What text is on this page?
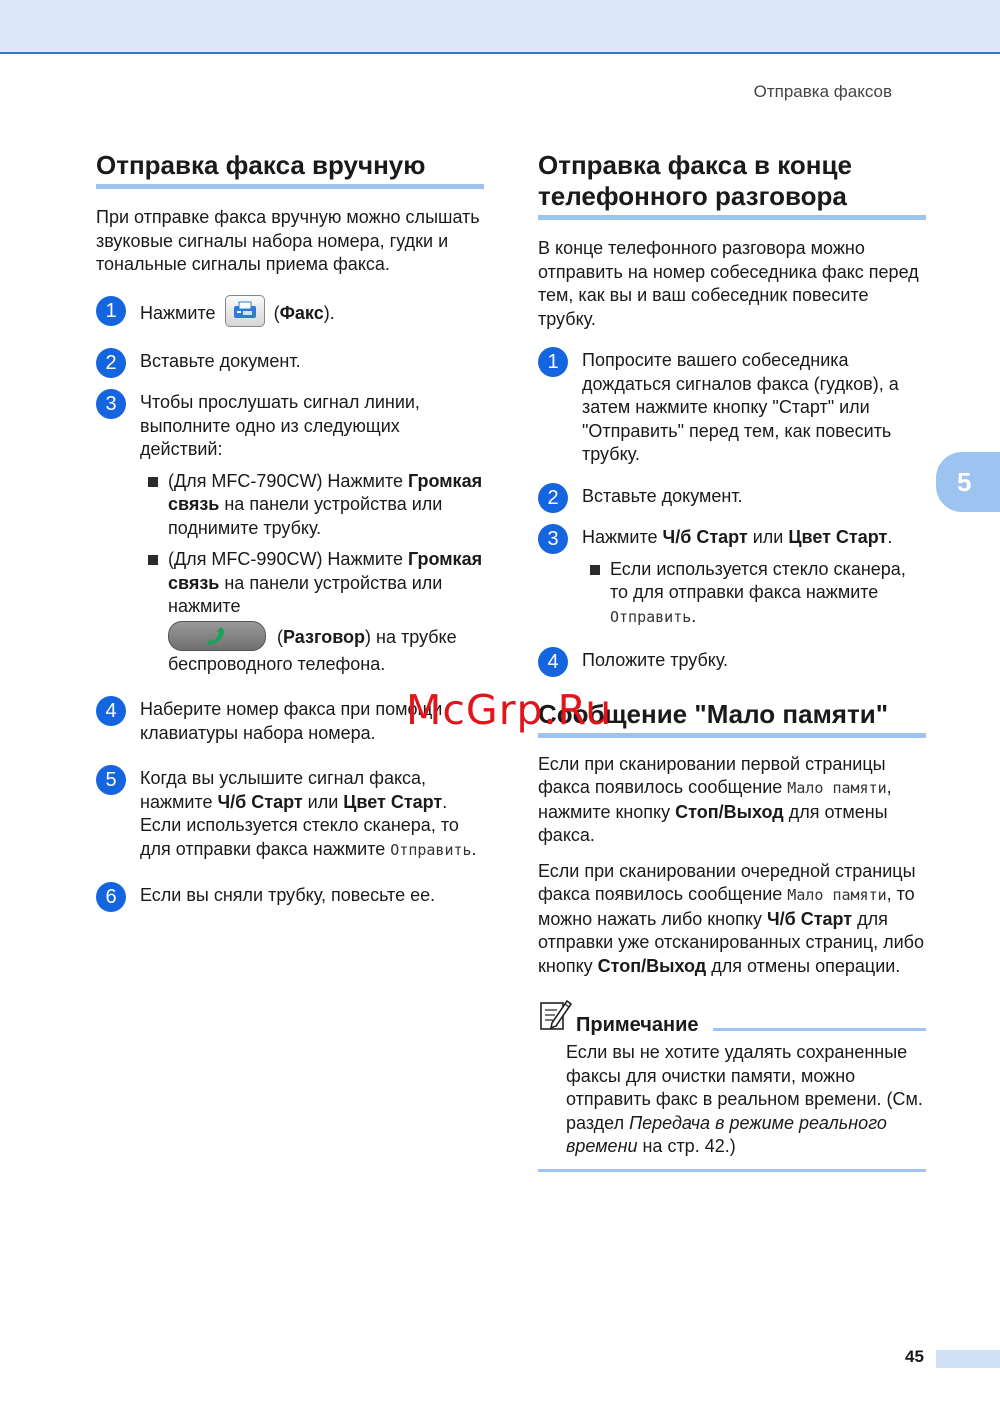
Отправка факсов
5
Отправка факса вручную

При отправке факса вручную можно слышать звуковые сигналы набора номера, гудки и тональные сигналы приема факса.

1	Нажмите	(Факс).
2	Вставьте документ.
3	Чтобы прослушать сигнал линии, выполните одно из следующих действий:
(Для MFC-790CW) Нажмите Громкая связь на панели устройства или поднимите трубку.
(Для MFC-990CW) Нажмите Громкая связь на панели устройства или нажмите
(Разговор) на трубке беспроводного телефона.
4	Наберите номер факса при помощи клавиатуры набора номера.
5	Когда вы услышите сигнал факса, нажмите Ч/б Старт или Цвет Старт. Если используется стекло сканера, то для отправки факса нажмите Отправить.
6	Если вы сняли трубку, повесьте ее.
Отправка факса в конце телефонного разговора

В конце телефонного разговора можно отправить на номер собеседника факс перед тем, как вы и ваш собеседник повесите трубку.

1	Попросите вашего собеседника дождаться сигналов факса (гудков), а затем нажмите кнопку "Старт" или "Отправить" перед тем, как повесить трубку.
2	Вставьте документ.
3	Нажмите Ч/б Старт или Цвет Старт.
Если используется стекло сканера, то для отправки факса нажмите Отправить.
4	Положите трубку.
Сообщение "Мало памяти"

Если при сканировании первой страницы факса появилось сообщение Мало памяти, нажмите кнопку Стоп/Выход для отмены факса.

Если при сканировании очередной страницы факса появилось сообщение Мало памяти, то можно нажать либо кнопку Ч/б Старт для отправки уже отсканированных страниц, либо кнопку Стоп/Выход для отмены операции.

Примечание

Если вы не хотите удалять сохраненные факсы для очистки памяти, можно отправить факс в реальном времени. (См. раздел Передача в режиме реального времени на стр. 42.)

McGrp.Ru
45
